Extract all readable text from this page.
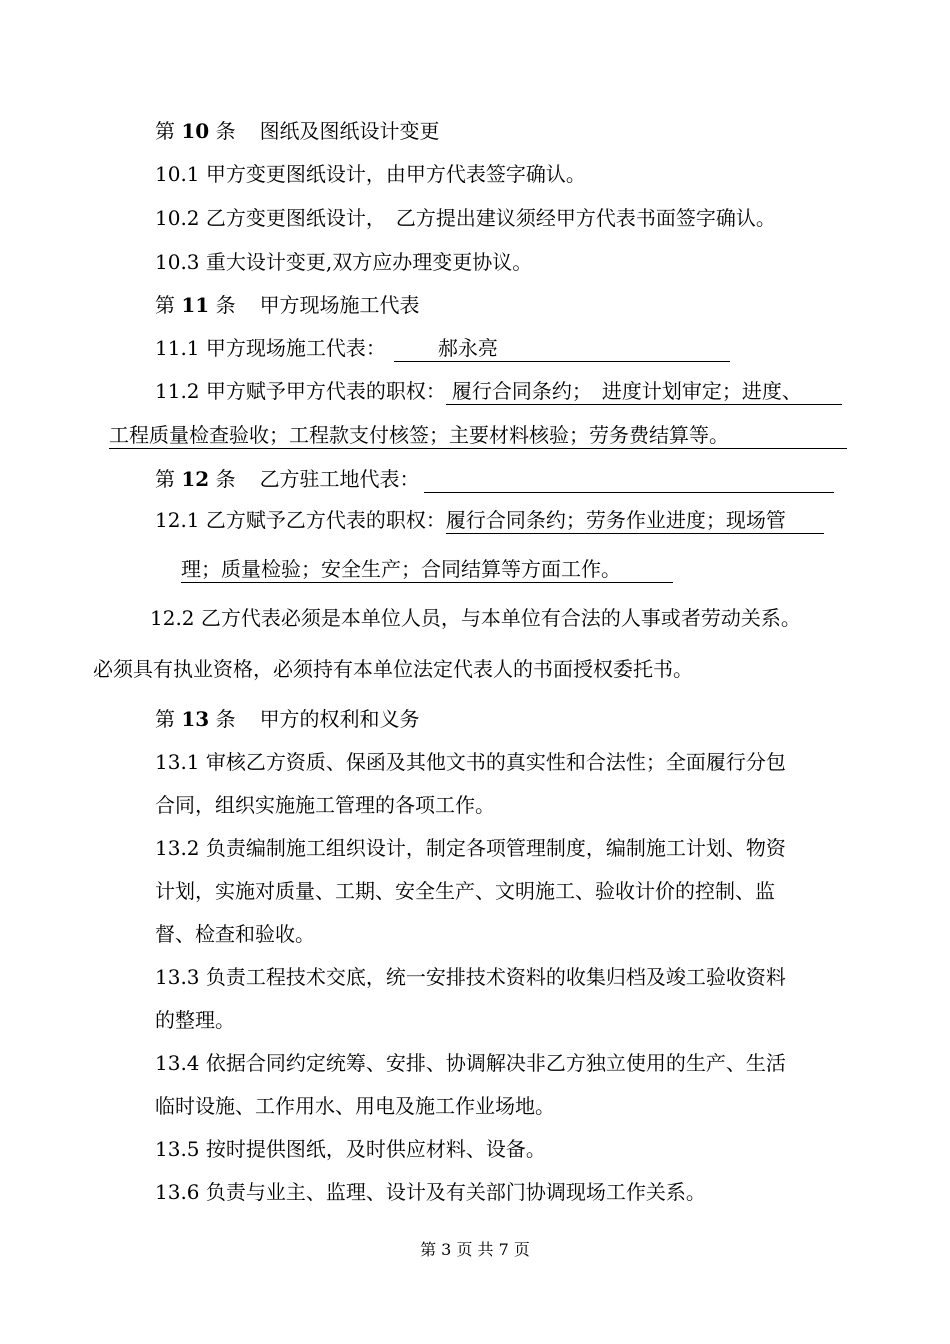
第 10 条 图纸及图纸设计变更
10.1 甲方变更图纸设计，由甲方代表签字确认。
10.2 乙方变更图纸设计，　乙方提出建议须经甲方代表书面签字确认。
10.3 重大设计变更,双方应办理变更协议。
第 11 条 甲方现场施工代表
11.1 甲方现场施工代表：	郝永亮
11.2 甲方赋予甲方代表的职权： 履行合同条约；　进度计划审定；进度、
工程质量检查验收；工程款支付核签；主要材料核验；劳务费结算等。
第 12 条 乙方驻工地代表：
12.1 乙方赋予乙方代表的职权：履行合同条约；劳务作业进度；现场管
理；质量检验；安全生产；合同结算等方面工作。
12.2 乙方代表必须是本单位人员，与本单位有合法的人事或者劳动关系。
必须具有执业资格，必须持有本单位法定代表人的书面授权委托书。
第 13 条 甲方的权利和义务
13.1 审核乙方资质、保函及其他文书的真实性和合法性；全面履行分包
合同，组织实施施工管理的各项工作。
13.2 负责编制施工组织设计，制定各项管理制度，编制施工计划、物资
计划，实施对质量、工期、安全生产、文明施工、验收计价的控制、监
督、检查和验收。
13.3 负责工程技术交底，统一安排技术资料的收集归档及竣工验收资料
的整理。
13.4 依据合同约定统筹、安排、协调解决非乙方独立使用的生产、生活
临时设施、工作用水、用电及施工作业场地。
13.5 按时提供图纸，及时供应材料、设备。
13.6 负责与业主、监理、设计及有关部门协调现场工作关系。
第 3 页 共 7 页
